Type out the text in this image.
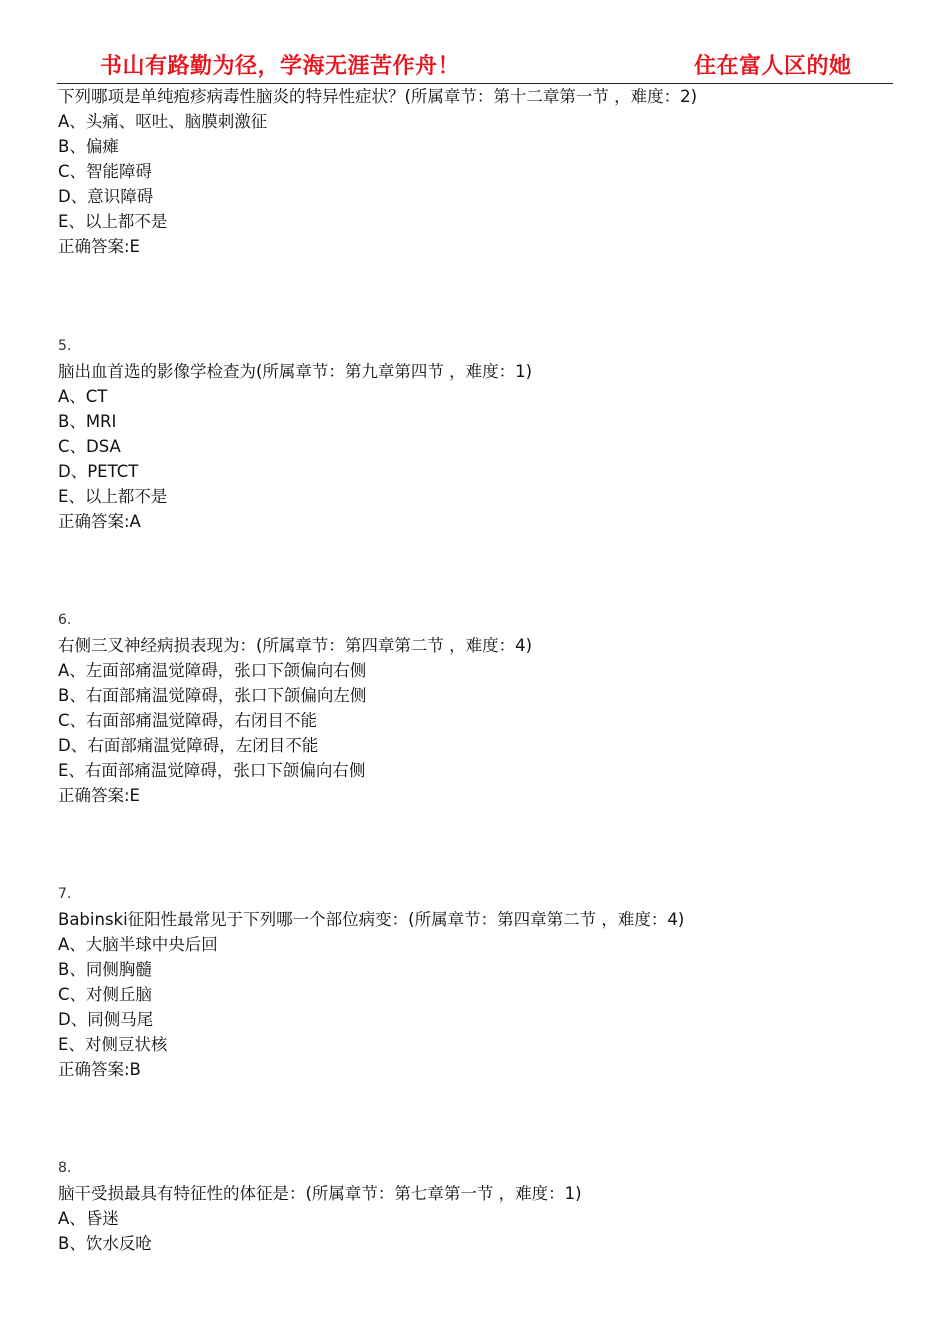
书山有路勤为径，学海无涯苦作舟！	住在富人区的她
下列哪项是单纯疱疹病毒性脑炎的特异性症状？(所属章节：第十二章第一节 ，难度：2)
A、头痛、呕吐、脑膜刺激征
B、偏瘫
C、智能障碍
D、意识障碍
E、以上都不是
正确答案:E
5.
脑出血首选的影像学检查为(所属章节：第九章第四节 ，难度：1)
A、CT
B、MRI
C、DSA
D、PETCT
E、以上都不是
正确答案:A
6.
右侧三叉神经病损表现为：(所属章节：第四章第二节 ，难度：4)
A、左面部痛温觉障碍，张口下颌偏向右侧
B、右面部痛温觉障碍，张口下颌偏向左侧
C、右面部痛温觉障碍，右闭目不能
D、右面部痛温觉障碍，左闭目不能
E、右面部痛温觉障碍，张口下颌偏向右侧
正确答案:E
7.
Babinski征阳性最常见于下列哪一个部位病变：(所属章节：第四章第二节 ，难度：4)
A、大脑半球中央后回
B、同侧胸髓
C、对侧丘脑
D、同侧马尾
E、对侧豆状核
正确答案:B
8.
脑干受损最具有特征性的体征是：(所属章节：第七章第一节 ，难度：1)
A、昏迷
B、饮水反呛
